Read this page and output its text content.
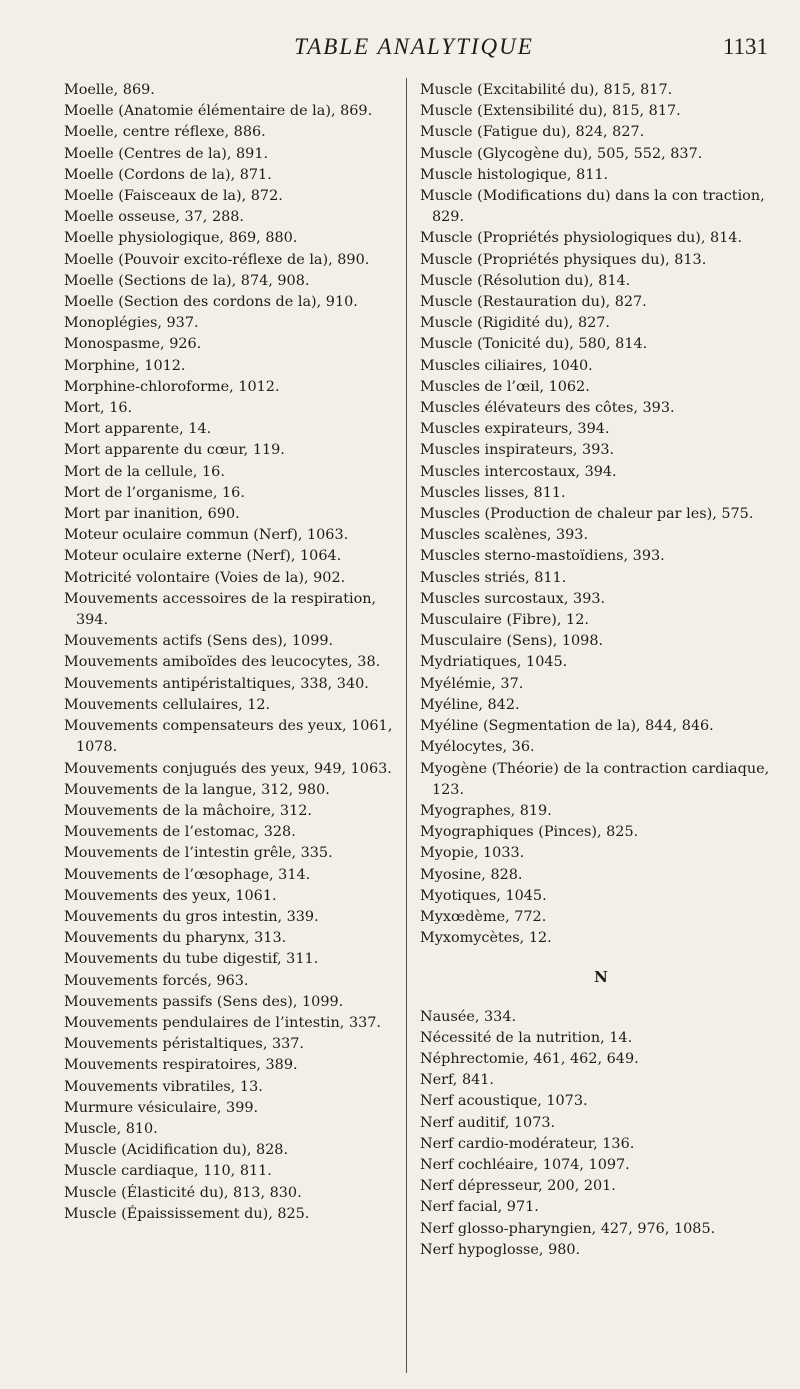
TABLE ANALYTIQUE	1131
Moelle, 869.
Moelle (Anatomie élémentaire de la), 869.
Moelle, centre réflexe, 886.
Moelle (Centres de la), 891.
Moelle (Cordons de la), 871.
Moelle (Faisceaux de la), 872.
Moelle osseuse, 37, 288.
Moelle physiologique, 869, 880.
Moelle (Pouvoir excito-réflexe de la), 890.
Moelle (Sections de la), 874, 908.
Moelle (Section des cordons de la), 910.
Monoplégies, 937.
Monospasme, 926.
Morphine, 1012.
Morphine-chloroforme, 1012.
Mort, 16.
Mort apparente, 14.
Mort apparente du cœur, 119.
Mort de la cellule, 16.
Mort de l’organisme, 16.
Mort par inanition, 690.
Moteur oculaire commun (Nerf), 1063.
Moteur oculaire externe (Nerf), 1064.
Motricité volontaire (Voies de la), 902.
Mouvements accessoires de la respiration, 394.
Mouvements actifs (Sens des), 1099.
Mouvements amiboïdes des leucocytes, 38.
Mouvements antipéristaltiques, 338, 340.
Mouvements cellulaires, 12.
Mouvements compensateurs des yeux, 1061, 1078.
Mouvements conjugués des yeux, 949, 1063.
Mouvements de la langue, 312, 980.
Mouvements de la mâchoire, 312.
Mouvements de l’estomac, 328.
Mouvements de l’intestin grêle, 335.
Mouvements de l’œsophage, 314.
Mouvements des yeux, 1061.
Mouvements du gros intestin, 339.
Mouvements du pharynx, 313.
Mouvements du tube digestif, 311.
Mouvements forcés, 963.
Mouvements passifs (Sens des), 1099.
Mouvements pendulaires de l’intestin, 337.
Mouvements péristaltiques, 337.
Mouvements respiratoires, 389.
Mouvements vibratiles, 13.
Murmure vésiculaire, 399.
Muscle, 810.
Muscle (Acidification du), 828.
Muscle cardiaque, 110, 811.
Muscle (Élasticité du), 813, 830.
Muscle (Épaississement du), 825.
Muscle (Excitabilité du), 815, 817.
Muscle (Extensibilité du), 815, 817.
Muscle (Fatigue du), 824, 827.
Muscle (Glycogène du), 505, 552, 837.
Muscle histologique, 811.
Muscle (Modifications du) dans la con traction, 829.
Muscle (Propriétés physiologiques du), 814.
Muscle (Propriétés physiques du), 813.
Muscle (Résolution du), 814.
Muscle (Restauration du), 827.
Muscle (Rigidité du), 827.
Muscle (Tonicité du), 580, 814.
Muscles ciliaires, 1040.
Muscles de l’œil, 1062.
Muscles élévateurs des côtes, 393.
Muscles expirateurs, 394.
Muscles inspirateurs, 393.
Muscles intercostaux, 394.
Muscles lisses, 811.
Muscles (Production de chaleur par les), 575.
Muscles scalènes, 393.
Muscles sterno-mastoïdiens, 393.
Muscles striés, 811.
Muscles surcostaux, 393.
Musculaire (Fibre), 12.
Musculaire (Sens), 1098.
Mydriatiques, 1045.
Myélémie, 37.
Myéline, 842.
Myéline (Segmentation de la), 844, 846.
Myélocytes, 36.
Myogène (Théorie) de la contraction cardiaque, 123.
Myographes, 819.
Myographiques (Pinces), 825.
Myopie, 1033.
Myosine, 828.
Myotiques, 1045.
Myxœdème, 772.
Myxomycètes, 12.
N
Nausée, 334.
Nécessité de la nutrition, 14.
Néphrectomie, 461, 462, 649.
Nerf, 841.
Nerf acoustique, 1073.
Nerf auditif, 1073.
Nerf cardio-modérateur, 136.
Nerf cochléaire, 1074, 1097.
Nerf dépresseur, 200, 201.
Nerf facial, 971.
Nerf glosso-pharyngien, 427, 976, 1085.
Nerf hypoglosse, 980.
